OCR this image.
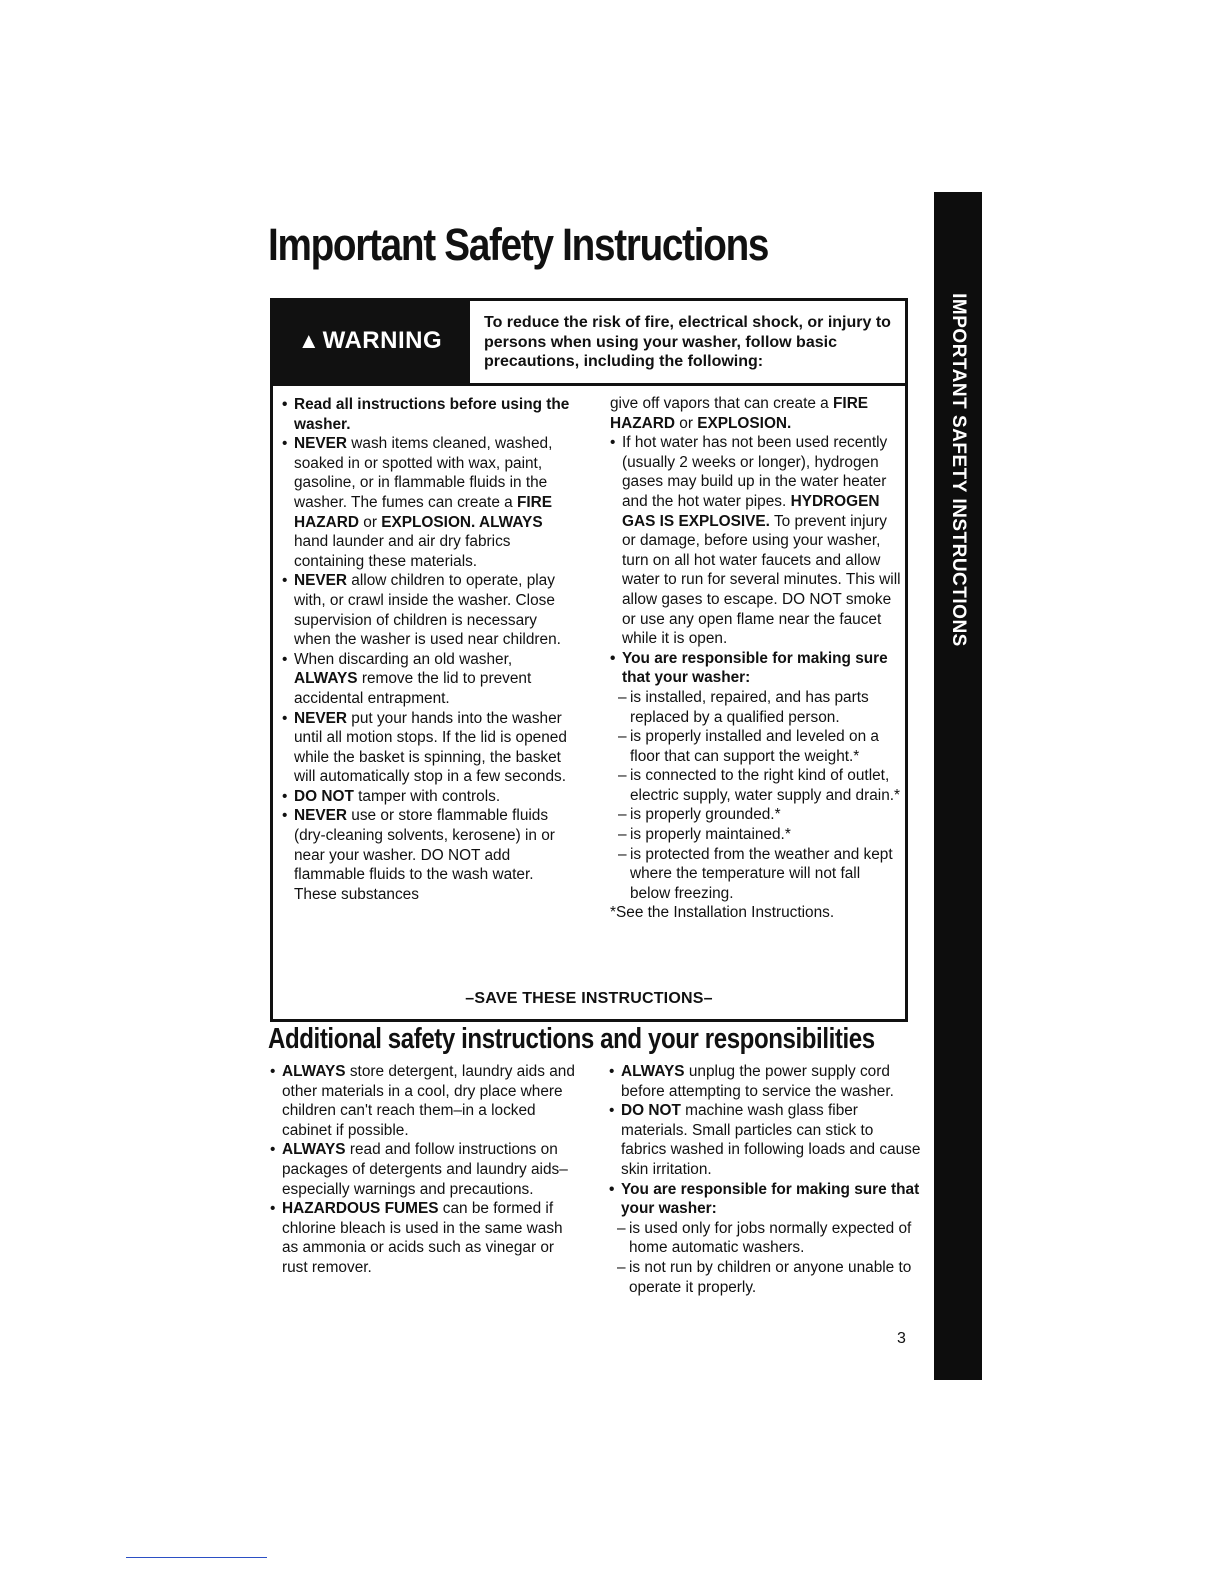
Important Safety Instructions
IMPORTANT SAFETY INSTRUCTIONS
▲ WARNING
To reduce the risk of fire, electrical shock, or injury to persons when using your washer, follow basic precautions, including the following:

• Read all instructions before using the washer.

• NEVER wash items cleaned, washed, soaked in or spotted with wax, paint, gasoline, or in flammable fluids in the washer. The fumes can create a FIRE HAZARD or EXPLOSION. ALWAYS hand launder and air dry fabrics containing these materials.

• NEVER allow children to operate, play with, or crawl inside the washer. Close supervision of children is necessary when the washer is used near children.

• When discarding an old washer, ALWAYS remove the lid to prevent accidental entrapment.

• NEVER put your hands into the washer until all motion stops. If the lid is opened while the basket is spinning, the basket will automatically stop in a few seconds.

• DO NOT tamper with controls.

• NEVER use or store flammable fluids (dry-cleaning solvents, kerosene) in or near your washer. DO NOT add flammable fluids to the wash water. These substances

give off vapors that can create a FIRE HAZARD or EXPLOSION.

• If hot water has not been used recently (usually 2 weeks or longer), hydrogen gases may build up in the water heater and the hot water pipes. HYDROGEN GAS IS EXPLOSIVE. To prevent injury or damage, before using your washer, turn on all hot water faucets and allow water to run for several minutes. This will allow gases to escape. DO NOT smoke or use any open flame near the faucet while it is open.

• You are responsible for making sure that your washer:

– is installed, repaired, and has parts replaced by a qualified person.

– is properly installed and leveled on a floor that can support the weight.*

– is connected to the right kind of outlet, electric supply, water supply and drain.*

– is properly grounded.*

– is properly maintained.*

– is protected from the weather and kept where the temperature will not fall below freezing.

*See the Installation Instructions.

–SAVE THESE INSTRUCTIONS–
Additional safety instructions and your responsibilities

• ALWAYS store detergent, laundry aids and other materials in a cool, dry place where children can't reach them–in a locked cabinet if possible.

• ALWAYS read and follow instructions on packages of detergents and laundry aids–especially warnings and precautions.

• HAZARDOUS FUMES can be formed if chlorine bleach is used in the same wash as ammonia or acids such as vinegar or rust remover.

• ALWAYS unplug the power supply cord before attempting to service the washer.

• DO NOT machine wash glass fiber materials. Small particles can stick to fabrics washed in following loads and cause skin irritation.

• You are responsible for making sure that your washer:

– is used only for jobs normally expected of home automatic washers.

– is not run by children or anyone unable to operate it properly.

3
